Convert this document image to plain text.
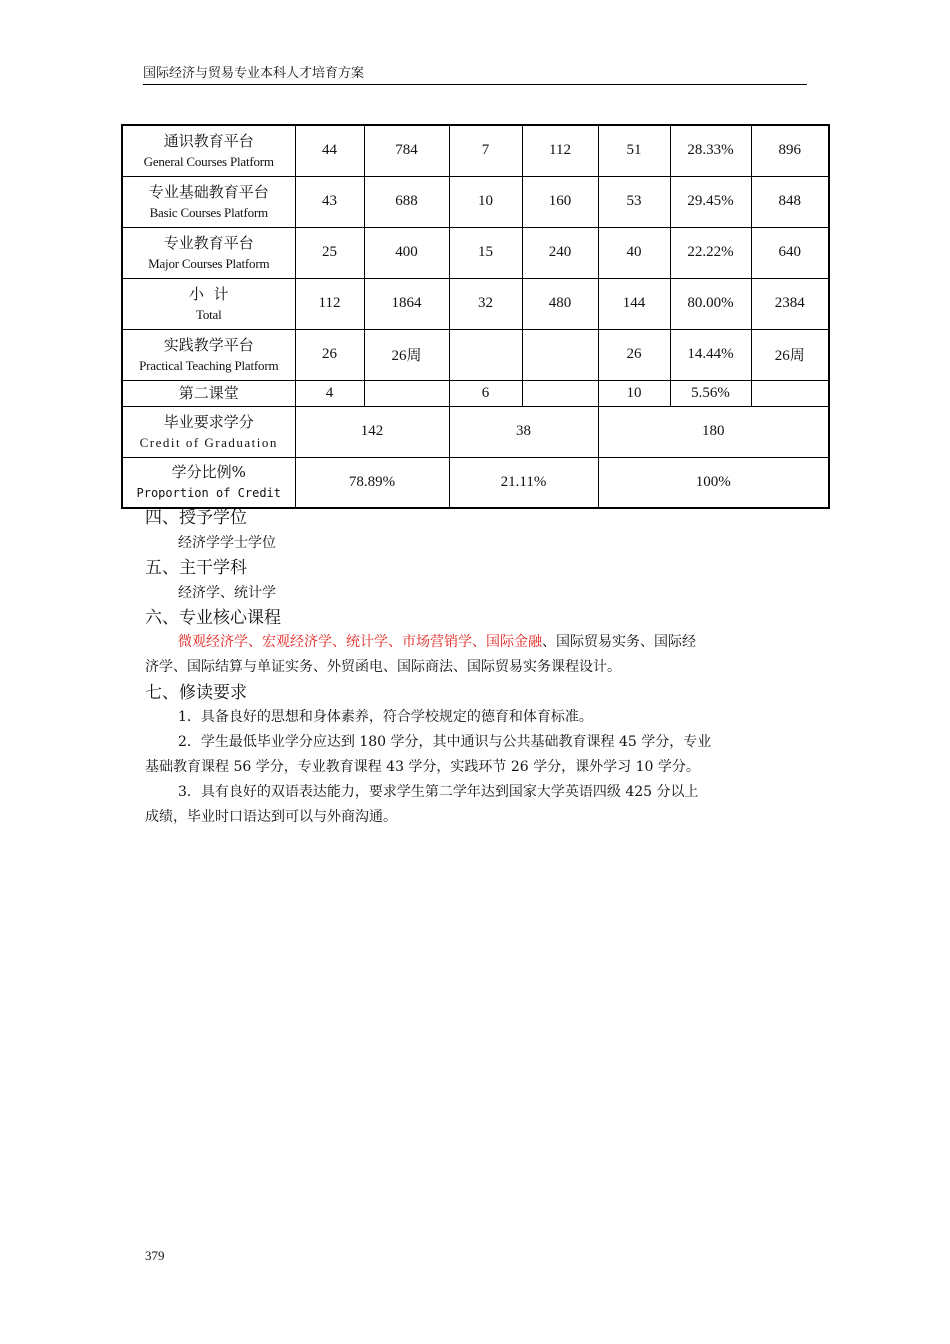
国际经济与贸易专业本科人才培育方案
通识教育平台
General Courses Platform	44	784	7	112	51	28.33%	896

专业基础教育平台
Basic Courses Platform	43	688	10	160	53	29.45%	848

专业教育平台
Major Courses Platform	25	400	15	240	40	22.22%	640

小  计
Total	112	1864	32	480	144	80.00%	2384

实践教学平台
Practical Teaching Platform	26	26周			26	14.44%	26周

第二课堂	4		6		10	5.56%	

毕业要求学分
Credit of Graduation	142		38		180		

学分比例%
Proportion of Credit	78.89%		21.11%		100%		
四、授予学位
经济学学士学位
五、主干学科
经济学、统计学
六、专业核心课程
微观经济学、宏观经济学、统计学、市场营销学、国际金融、国际贸易实务、国际经
济学、国际结算与单证实务、外贸函电、国际商法、国际贸易实务课程设计。
七、修读要求
1．具备良好的思想和身体素养，符合学校规定的德育和体育标准。
2．学生最低毕业学分应达到 180 学分，其中通识与公共基础教育课程 45 学分，专业
基础教育课程 56 学分，专业教育课程 43 学分，实践环节 26 学分，课外学习 10 学分。
3．具有良好的双语表达能力，要求学生第二学年达到国家大学英语四级 425 分以上
成绩，毕业时口语达到可以与外商沟通。
379
